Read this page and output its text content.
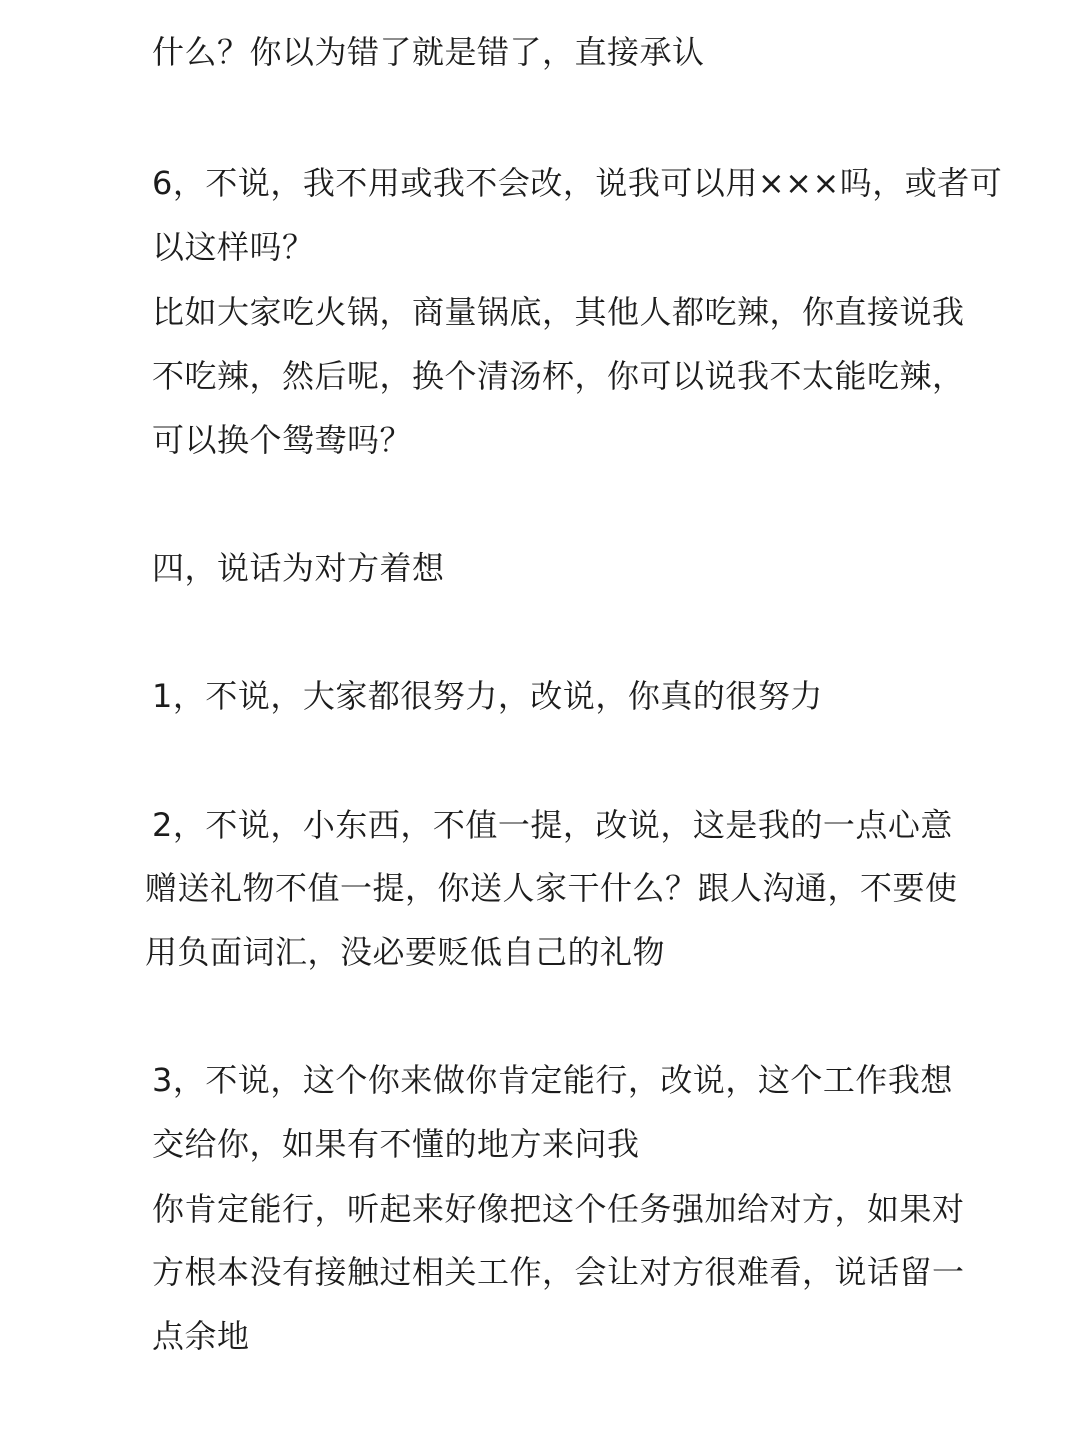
什么？你以为错了就是错了，直接承认
6，不说，我不用或我不会改，说我可以用×××吗，或者可
以这样吗？
比如大家吃火锅，商量锅底，其他人都吃辣，你直接说我
不吃辣，然后呢，换个清汤杯，你可以说我不太能吃辣，
可以换个鸳鸯吗？
四，说话为对方着想
1，不说，大家都很努力，改说，你真的很努力
2，不说，小东西，不值一提，改说，这是我的一点心意
赠送礼物不值一提，你送人家干什么？跟人沟通，不要使
用负面词汇，没必要贬低自己的礼物
3，不说，这个你来做你肯定能行，改说，这个工作我想
交给你，如果有不懂的地方来问我
你肯定能行，听起来好像把这个任务强加给对方，如果对
方根本没有接触过相关工作，会让对方很难看，说话留一
点余地
